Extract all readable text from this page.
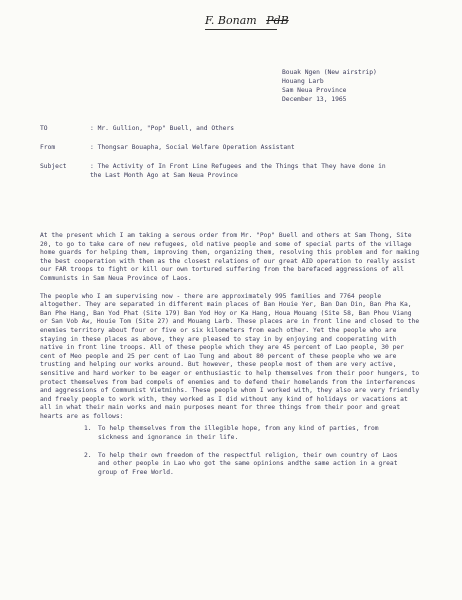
F. Bonam PdB
Bouak Ngen (New airstrip)
Houang Larb
Sam Neua Province
December 13, 1965
TO	: Mr. Gullion, "Pop" Buell, and Others
From	: Thongsar Bouapha, Social Welfare Operation Assistant
Subject	: The Activity of In Front Line Refugees and the Things that They have done in the Last Month Ago at Sam Neua Province

At the present which I am taking a serous order from Mr. "Pop" Buell and others at Sam Thong, Site 20, to go to take care of new refugees, old native people and some of special parts of the village home guards for helping them, improving them, organizing them, resolving this problem and for making the best cooperation with them as the closest relations of our great AID operation to really assist our FAR troops to fight or kill our own tortured suffering from the barefaced aggressions of all Communists in Sam Neua Province of Laos.

The people who I am supervising now - there are approximately 995 families and 7764 people altogether. They are separated in different main places of Ban Houie Yer, Ban Dan Din, Ban Pha Ka, Ban Phe Hang, Ban Yod Phat (Site 179) Ban Yod Hoy or Ka Hang, Houa Mouang (Site 58, Ban Phou Viang or San Vob Aw, Houie Tom (Site 27) and Mouang Larb. These places are in front line and closed to the enemies territory about four or five or six kilometers from each other. Yet the people who are staying in these places as above, they are pleased to stay in by enjoying and cooperating with native in front line troops. All of these people which they are 45 percent of Lao people, 30 per cent of Meo people and 25 per cent of Lao Tung and about 80 percent of these people who we are trusting and helping our works around. But however, these people most of them are very active, sensitive and hard worker to be eager or enthusiastic to help themselves from their poor hungers, to protect themselves from bad compels of enemies and to defend their homelands from the interferences and aggressions of Communist Vietminhs. These people whom I worked with, they also are very friendly and freely people to work with, they worked as I did without any kind of holidays or vacations at all in what their main works and main purposes meant for three things from their poor and great hearts are as follows:

1.	To help themselves from the illegible hope, from any kind of parties, from sickness and ignorance in their life.
2.	To help their own freedom of the respectful religion, their own country of Laos and other people in Lao who got the same opinions andthe same action in a great group of Free World.
